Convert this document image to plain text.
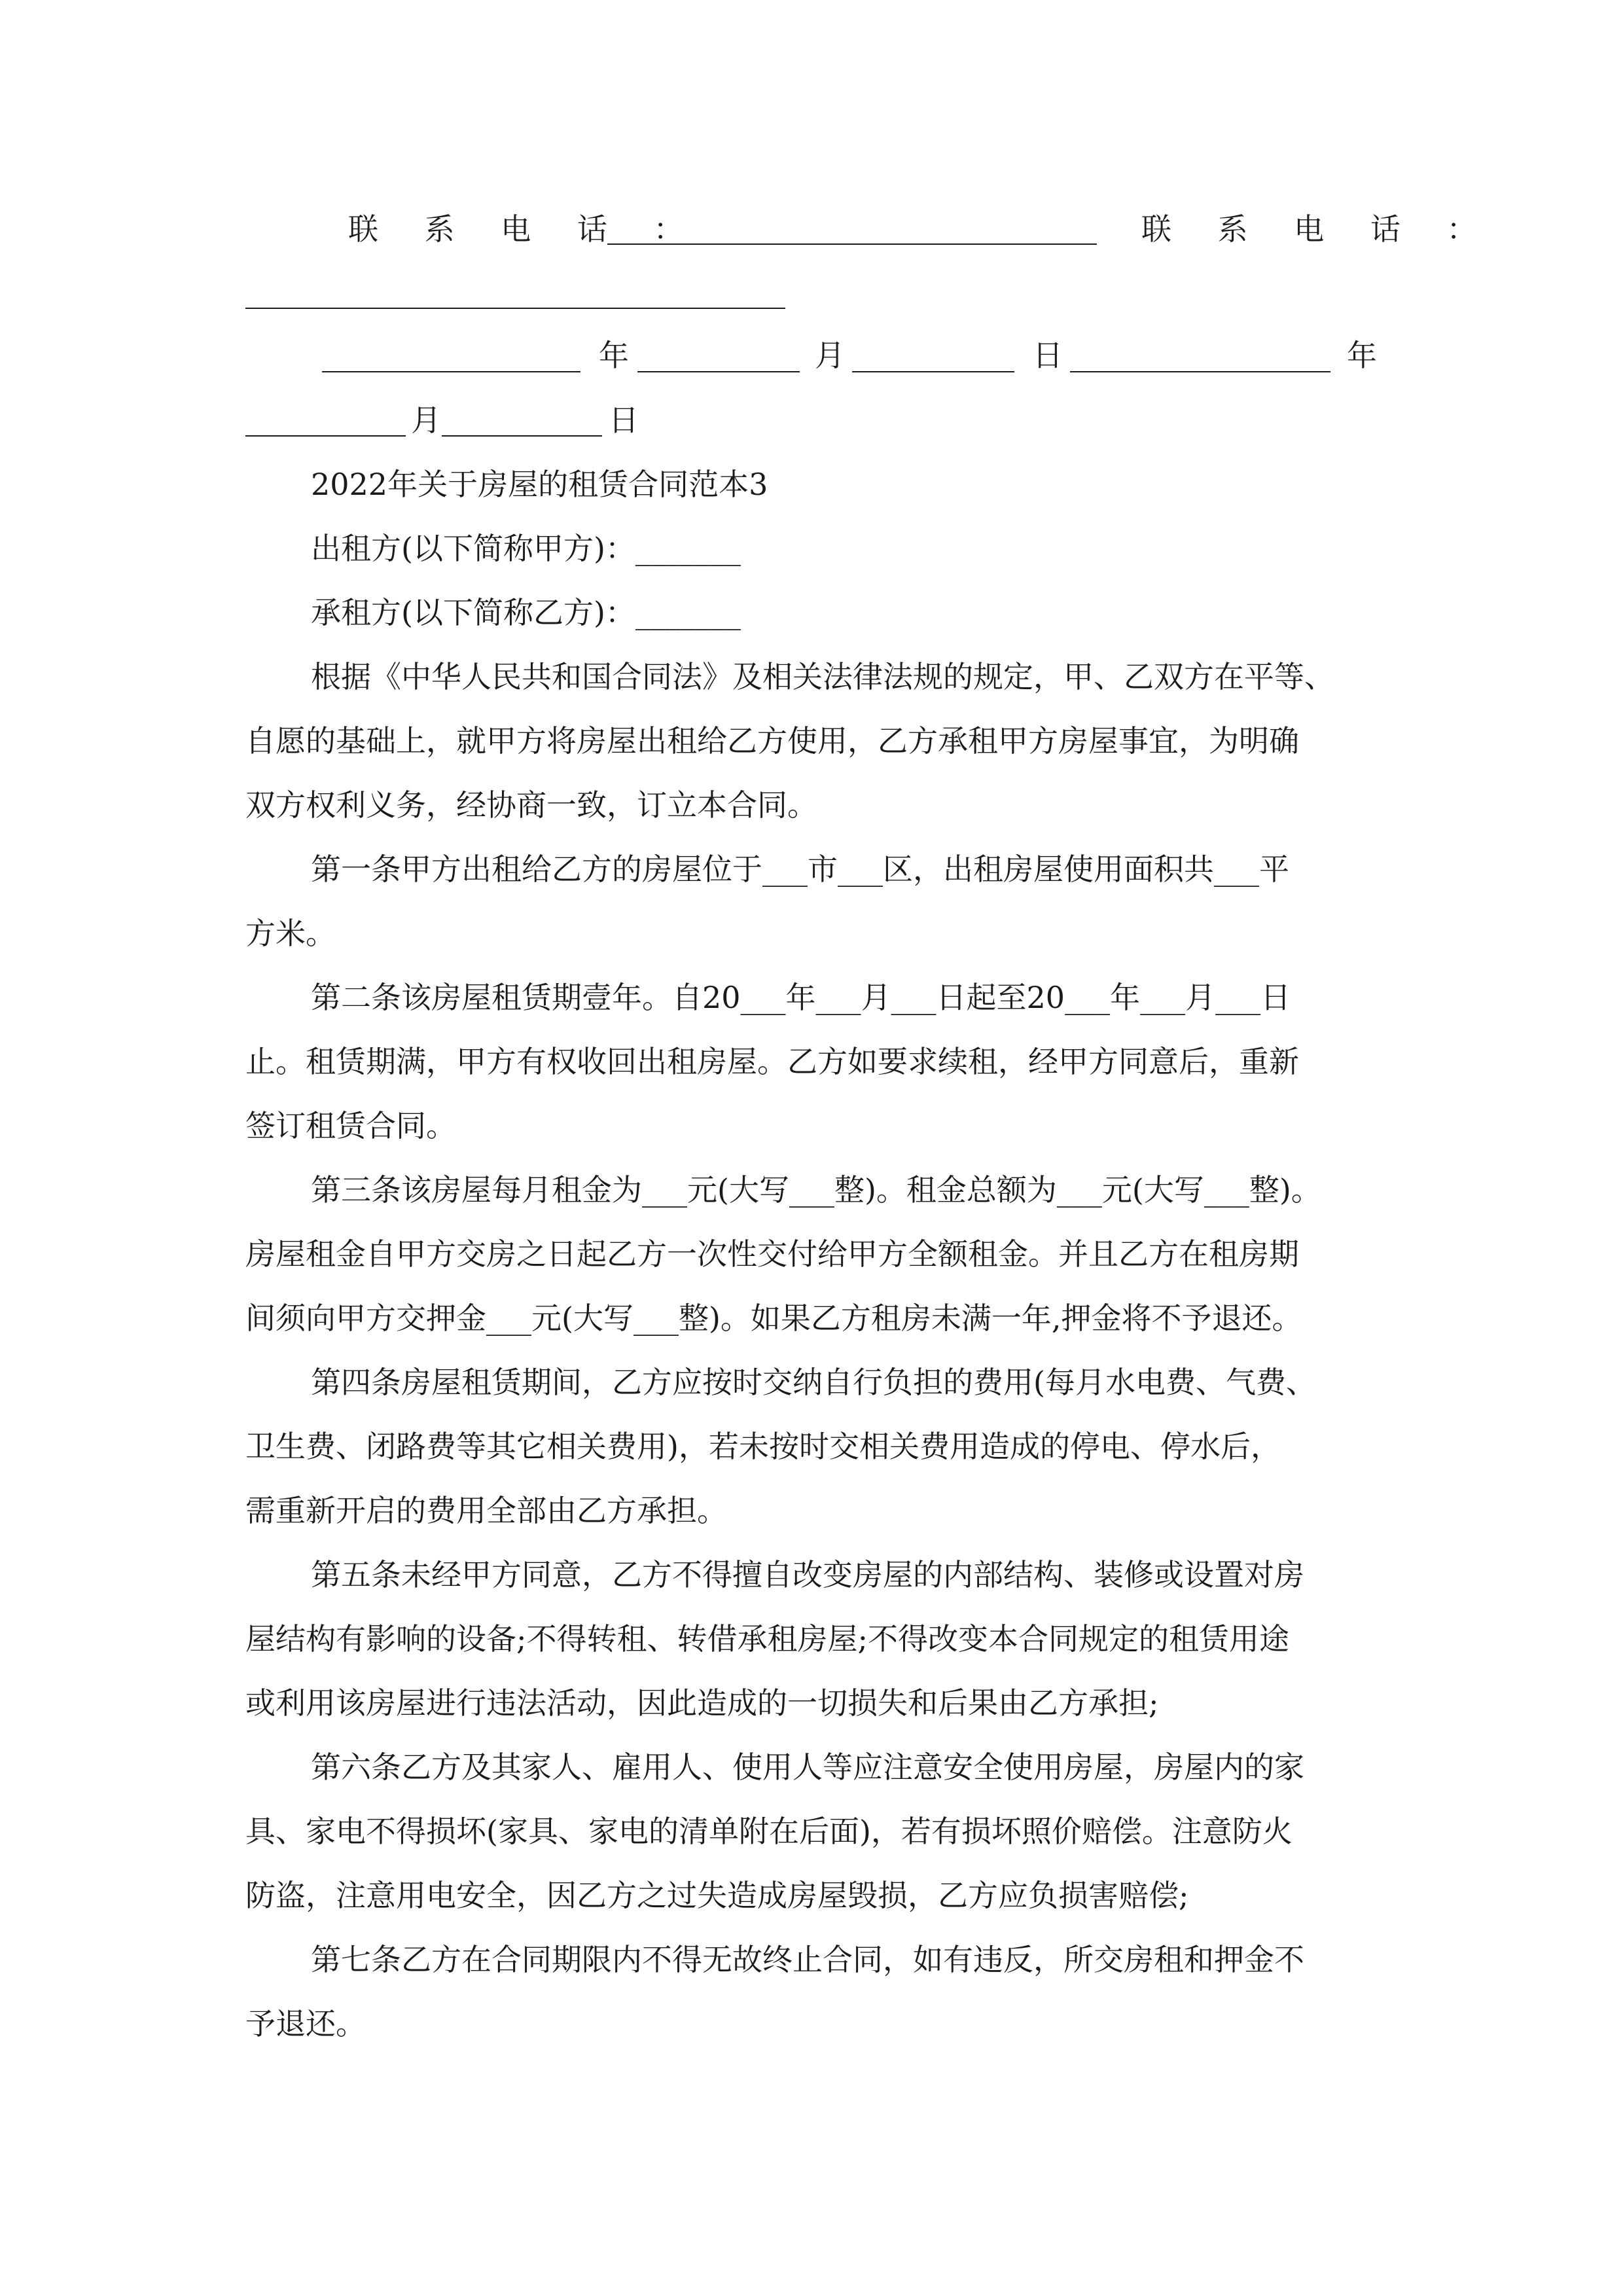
联 系 电 话 ：	联 系 电 话 ：
年	月	日	年
月	日
2022年关于房屋的租赁合同范本3
出租方(以下简称甲方)：_______
承租方(以下简称乙方)：_______
根据《中华人民共和国合同法》及相关法律法规的规定，甲、乙双方在平等、
自愿的基础上，就甲方将房屋出租给乙方使用，乙方承租甲方房屋事宜，为明确
双方权利义务，经协商一致，订立本合同。
第一条甲方出租给乙方的房屋位于___市___区，出租房屋使用面积共___平
方米。
第二条该房屋租赁期壹年。自20___年___月___日起至20___年___月___日
止。租赁期满，甲方有权收回出租房屋。乙方如要求续租，经甲方同意后，重新
签订租赁合同。
第三条该房屋每月租金为___元(大写___整)。租金总额为___元(大写___整)。
房屋租金自甲方交房之日起乙方一次性交付给甲方全额租金。并且乙方在租房期
间须向甲方交押金___元(大写___整)。如果乙方租房未满一年,押金将不予退还。
第四条房屋租赁期间，乙方应按时交纳自行负担的费用(每月水电费、气费、
卫生费、闭路费等其它相关费用)，若未按时交相关费用造成的停电、停水后，
需重新开启的费用全部由乙方承担。
第五条未经甲方同意，乙方不得擅自改变房屋的内部结构、装修或设置对房
屋结构有影响的设备;不得转租、转借承租房屋;不得改变本合同规定的租赁用途
或利用该房屋进行违法活动，因此造成的一切损失和后果由乙方承担;
第六条乙方及其家人、雇用人、使用人等应注意安全使用房屋，房屋内的家
具、家电不得损坏(家具、家电的清单附在后面)，若有损坏照价赔偿。注意防火
防盗，注意用电安全，因乙方之过失造成房屋毁损，乙方应负损害赔偿;
第七条乙方在合同期限内不得无故终止合同，如有违反，所交房租和押金不
予退还。
